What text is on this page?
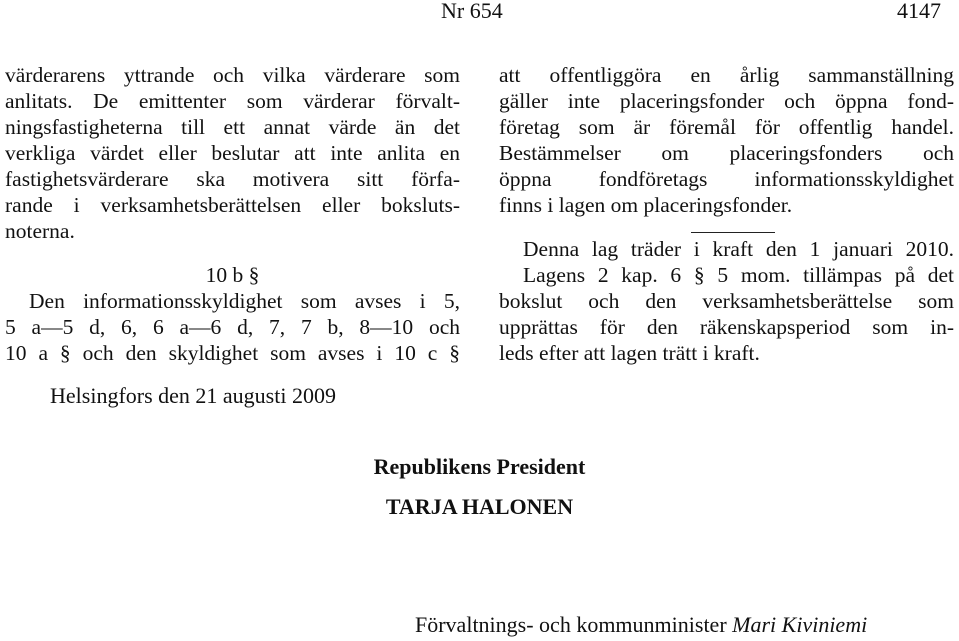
Nr 654	4147
värderarens yttrande och vilka värderare som
anlitats. De emittenter som värderar förvalt-
ningsfastigheterna till ett annat värde än det
verkliga värdet eller beslutar att inte anlita en
fastighetsvärderare ska motivera sitt förfa-
rande i verksamhetsberättelsen eller boksluts-
noterna.
10 b §
Den informationsskyldighet som avses i 5,
5 a—5 d, 6, 6 a—6 d, 7, 7 b, 8—10 och
10 a § och den skyldighet som avses i 10 c §
att offentliggöra en årlig sammanställning
gäller inte placeringsfonder och öppna fond-
företag som är föremål för offentlig handel.
Bestämmelser om placeringsfonders och
öppna fondföretags informationsskyldighet
finns i lagen om placeringsfonder.
Denna lag träder i kraft den 1 januari 2010.
Lagens 2 kap. 6 § 5 mom. tillämpas på det
bokslut och den verksamhetsberättelse som
upprättas för den räkenskapsperiod som in-
leds efter att lagen trätt i kraft.
Helsingfors den 21 augusti 2009
Republikens President
TARJA HALONEN
Förvaltnings- och kommunminister Mari Kiviniemi
